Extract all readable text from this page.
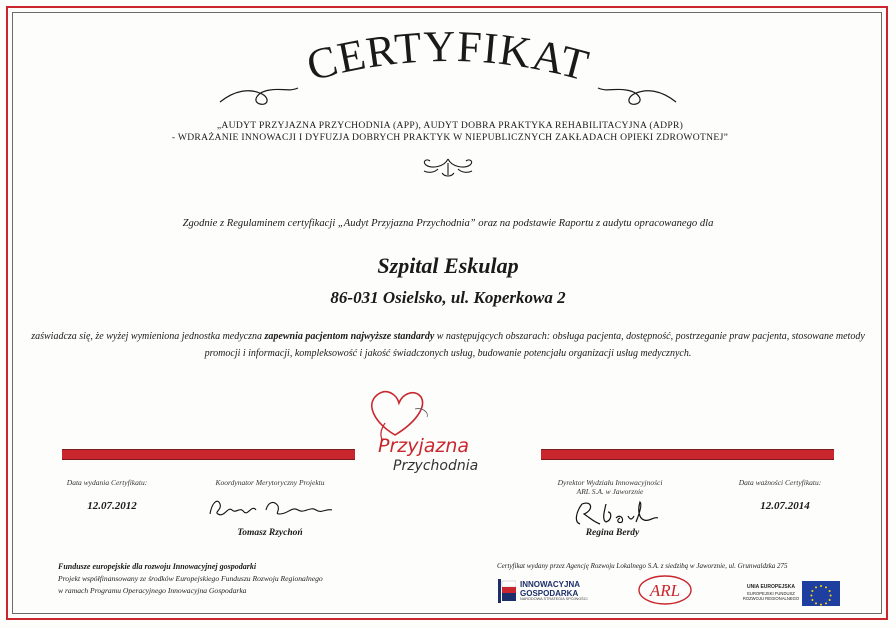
CERTYFIKAT
„AUDYT PRZYJAZNA PRZYCHODNIA (APP), AUDYT DOBRA PRAKTYKA REHABILITACYJNA (ADPR)
- WDRAŻANIE INNOWACJI I DYFUZJA DOBRYCH PRAKTYK W NIEPUBLICZNYCH ZAKŁADACH OPIEKI ZDROWOTNEJ”
Zgodnie z Regulaminem certyfikacji „Audyt Przyjazna Przychodnia” oraz na podstawie Raportu z audytu opracowanego dla
Szpital Eskulap
86-031 Osielsko, ul. Koperkowa 2
zaświadcza się, że wyżej wymieniona jednostka medyczna zapewnia pacjentom najwyższe standardy w następujących obszarach: obsługa pacjenta, dostępność, postrzeganie praw pacjenta, stosowane metody promocji i informacji, kompleksowość i jakość świadczonych usług, budowanie potencjału organizacji usług medycznych.
Przyjazna
Przychodnia
Data wydania Certyfikatu:
12.07.2012
Koordynator Merytoryczny Projektu
Tomasz Rzychoń
Dyrektor Wydziału Innowacyjności
ARL S.A. w Jaworznie
Regina Berdy
Data ważności Certyfikatu:
12.07.2014
Fundusze europejskie dla rozwoju Innowacyjnej gospodarki
Projekt współfinansowany ze środków Europejskiego Funduszu Rozwoju Regionalnego
w ramach Programu Operacyjnego Innowacyjna Gospodarka
Certyfikat wydany przez Agencję Rozwoju Lokalnego S.A. z siedzibą w Jaworznie, ul. Grunwaldzka 275
INNOWACYJNA
GOSPODARKA
NARODOWA STRATEGIA SPÓJNOŚCI	ARL	UNIA EUROPEJSKA
EUROPEJSKI FUNDUSZ
ROZWOJU REGIONALNEGO
